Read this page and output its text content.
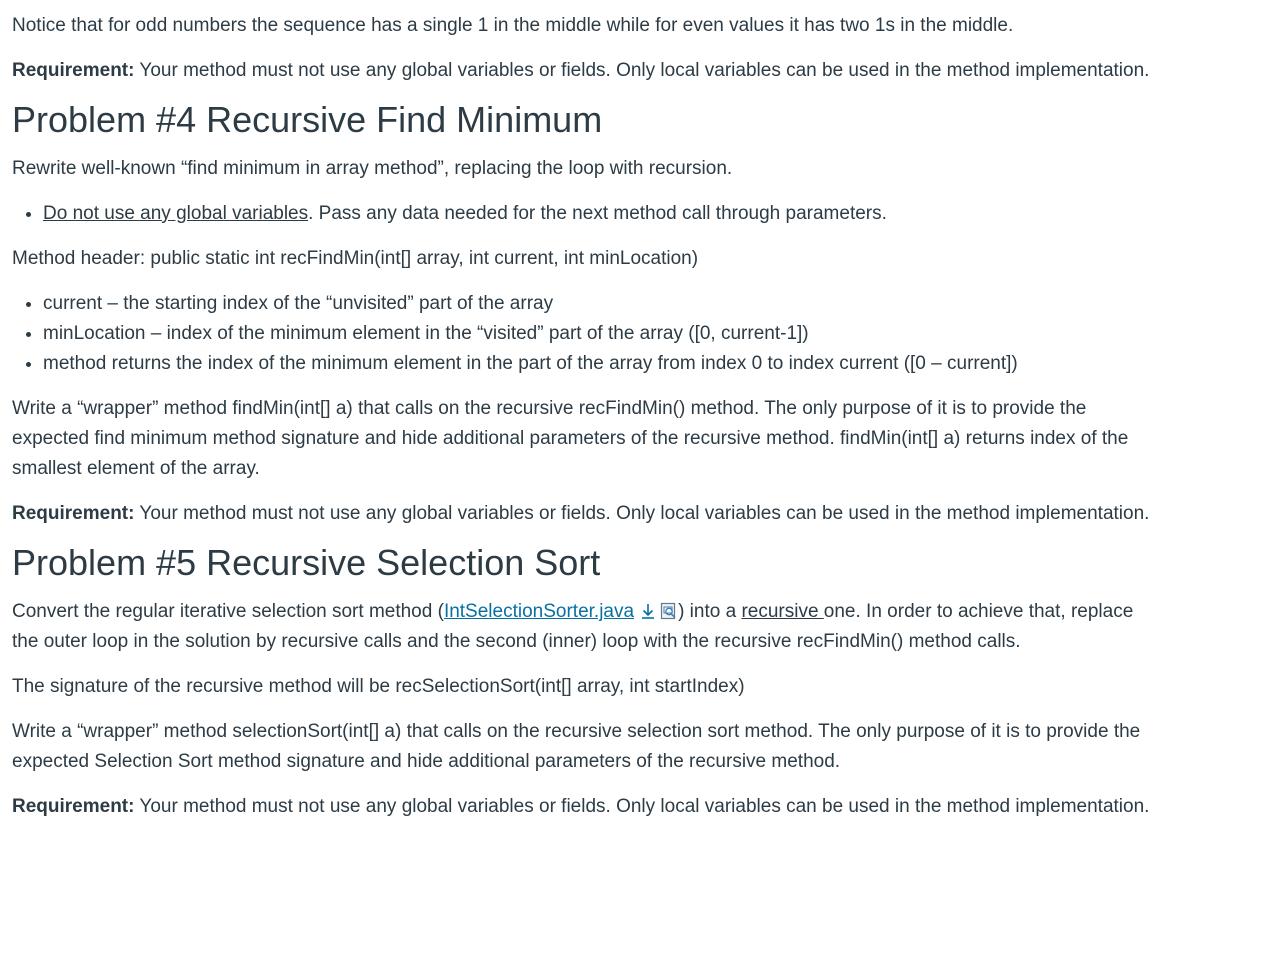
Notice that for odd numbers the sequence has a single 1 in the middle while for even values it has two 1s in the middle.

Requirement: Your method must not use any global variables or fields. Only local variables can be used in the method implementation.

Problem #4 Recursive Find Minimum

Rewrite well-known “find minimum in array method”, replacing the loop with recursion.

• Do not use any global variables. Pass any data needed for the next method call through parameters.

Method header: public static int recFindMin(int[] array, int current, int minLocation)

• current – the starting index of the “unvisited” part of the array
• minLocation – index of the minimum element in the “visited” part of the array ([0, current-1])
• method returns the index of the minimum element in the part of the array from index 0 to index current ([0 – current])

Write a “wrapper” method findMin(int[] a) that calls on the recursive recFindMin() method. The only purpose of it is to provide the expected find minimum method signature and hide additional parameters of the recursive method. findMin(int[] a) returns index of the smallest element of the array.

Requirement: Your method must not use any global variables or fields. Only local variables can be used in the method implementation.

Problem #5 Recursive Selection Sort

Convert the regular iterative selection sort method (IntSelectionSorter.java ) into a recursive one. In order to achieve that, replace the outer loop in the solution by recursive calls and the second (inner) loop with the recursive recFindMin() method calls.

The signature of the recursive method will be recSelectionSort(int[] array, int startIndex)

Write a “wrapper” method selectionSort(int[] a) that calls on the recursive selection sort method. The only purpose of it is to provide the expected Selection Sort method signature and hide additional parameters of the recursive method.

Requirement: Your method must not use any global variables or fields. Only local variables can be used in the method implementation.
